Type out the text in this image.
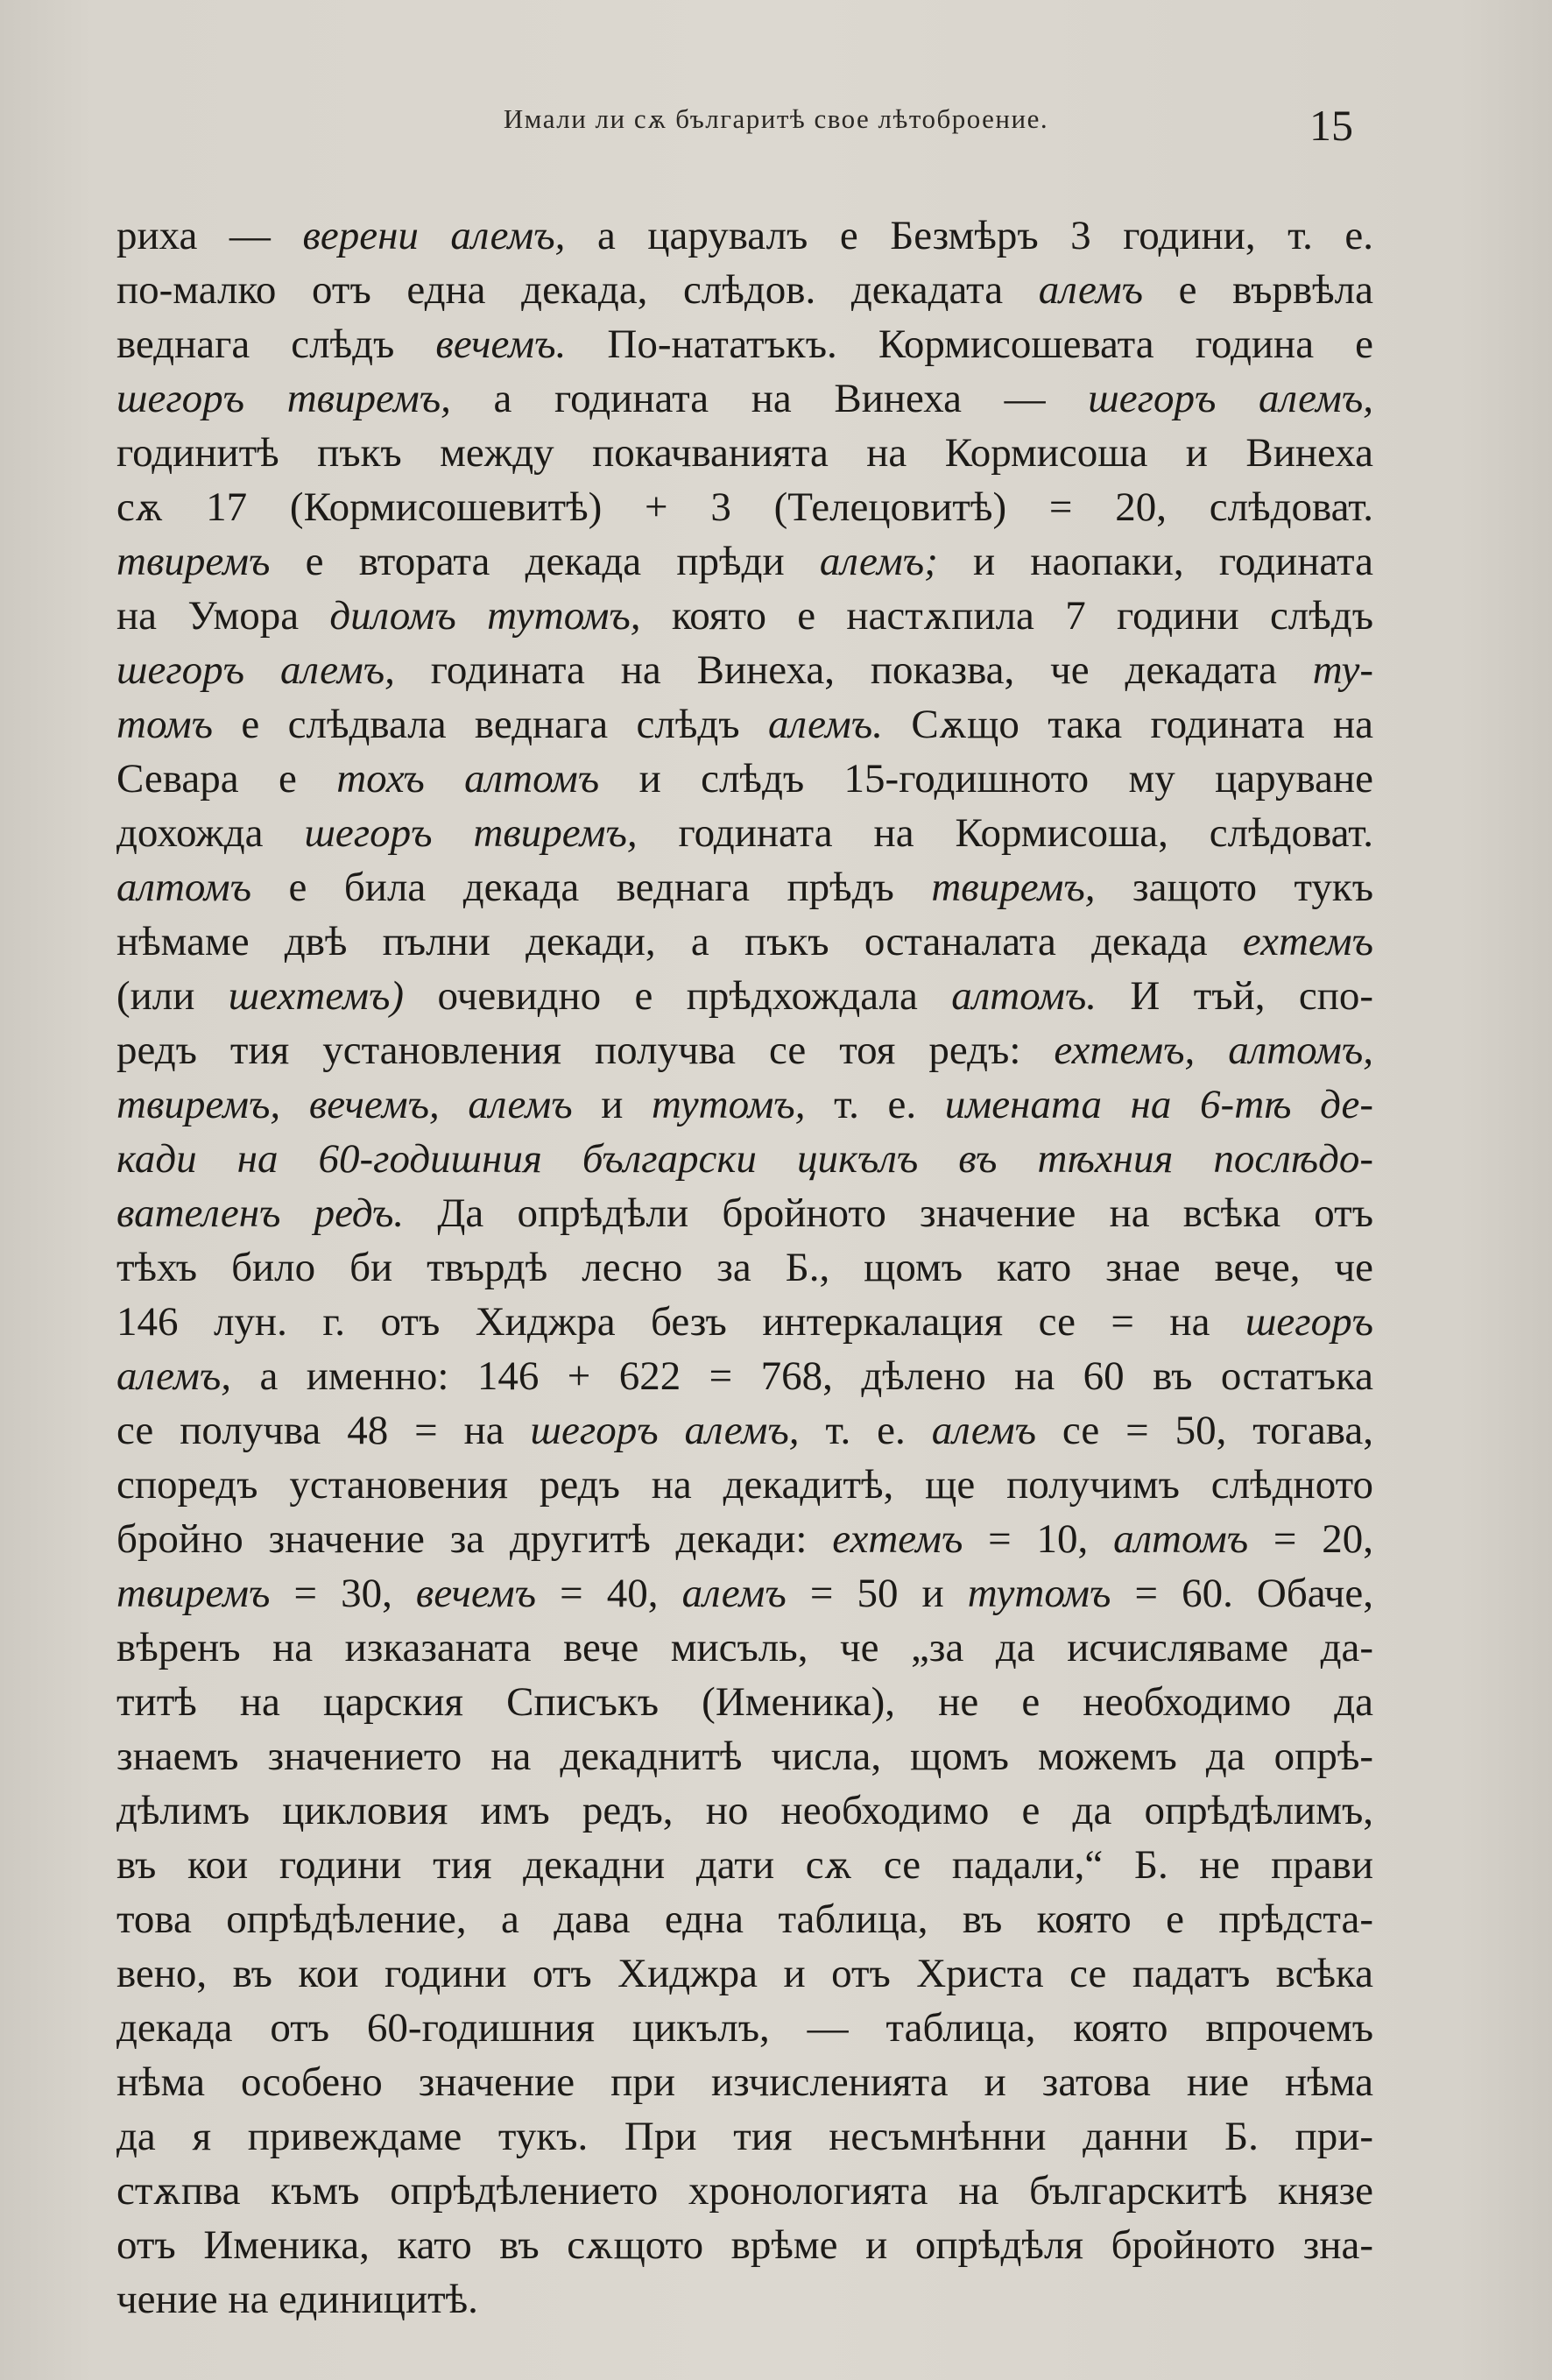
Имали ли сѫ българитѣ свое лѣтоброение.	15
риха — верени алемъ, а царувалъ е Безмѣръ 3 години, т. е.
по-малко отъ една декада, слѣдов. декадата алемъ е вървѣла
веднага слѣдъ вечемъ. По-нататъкъ. Кормисошевата година е
шегоръ твиремъ, а годината на Винеха — шегоръ алемъ,
годинитѣ пъкъ между покачванията на Кормисоша и Винеха
сѫ 17 (Кормисошевитѣ) + 3 (Телецовитѣ) = 20, слѣдоват.
твиремъ е втората декада прѣди алемъ; и наопаки, годината
на Умора диломъ тутомъ, която е настѫпила 7 години слѣдъ
шегоръ алемъ, годината на Винеха, показва, че декадата ту-
томъ е слѣдвала веднага слѣдъ алемъ. Сѫщо така годината на
Севара е тохъ алтомъ и слѣдъ 15-годишното му царуване
дохожда шегоръ твиремъ, годината на Кормисоша, слѣдоват.
алтомъ е била декада веднага прѣдъ твиремъ, защото тукъ
нѣмаме двѣ пълни декади, а пъкъ останалата декада ехтемъ
(или шехтемъ) очевидно е прѣдхождала алтомъ. И тъй, спо-
редъ тия установления получва се тоя редъ: ехтемъ, алтомъ,
твиремъ, вечемъ, алемъ и тутомъ, т. е. имената на 6-тѣ де-
кади на 60-годишния български цикълъ въ тѣхния послѣдо-
вателенъ редъ. Да опрѣдѣли бройното значение на всѣка отъ
тѣхъ било би твърдѣ лесно за Б., щомъ като знае вече, че
146 лун. г. отъ Хиджра безъ интеркалация се = на шегоръ
алемъ, а именно: 146 + 622 = 768, дѣлено на 60 въ остатъка
се получва 48 = на шегоръ алемъ, т. е. алемъ се = 50, тогава,
споредъ установения редъ на декадитѣ, ще получимъ слѣдното
бройно значение за другитѣ декади: ехтемъ = 10, алтомъ = 20,
твиремъ = 30, вечемъ = 40, алемъ = 50 и тутомъ = 60. Обаче,
вѣренъ на изказаната вече мисъль, че „за да исчисляваме да-
титѣ на царския Списъкъ (Именика), не е необходимо да
знаемъ значението на декаднитѣ числа, щомъ можемъ да опрѣ-
дѣлимъ цикловия имъ редъ, но необходимо е да опрѣдѣлимъ,
въ кои години тия декадни дати сѫ се падали,“ Б. не прави
това опрѣдѣление, а дава една таблица, въ която е прѣдста-
вено, въ кои години отъ Хиджра и отъ Христа се падатъ всѣка
декада отъ 60-годишния цикълъ, — таблица, която впрочемъ
нѣма особено значение при изчисленията и затова ние нѣма
да я привеждаме тукъ. При тия несъмнѣнни данни Б. при-
стѫпва къмъ опрѣдѣлението хронологията на българскитѣ князе
отъ Именика, като въ сѫщото врѣме и опрѣдѣля бройното зна-
чение на единицитѣ.
